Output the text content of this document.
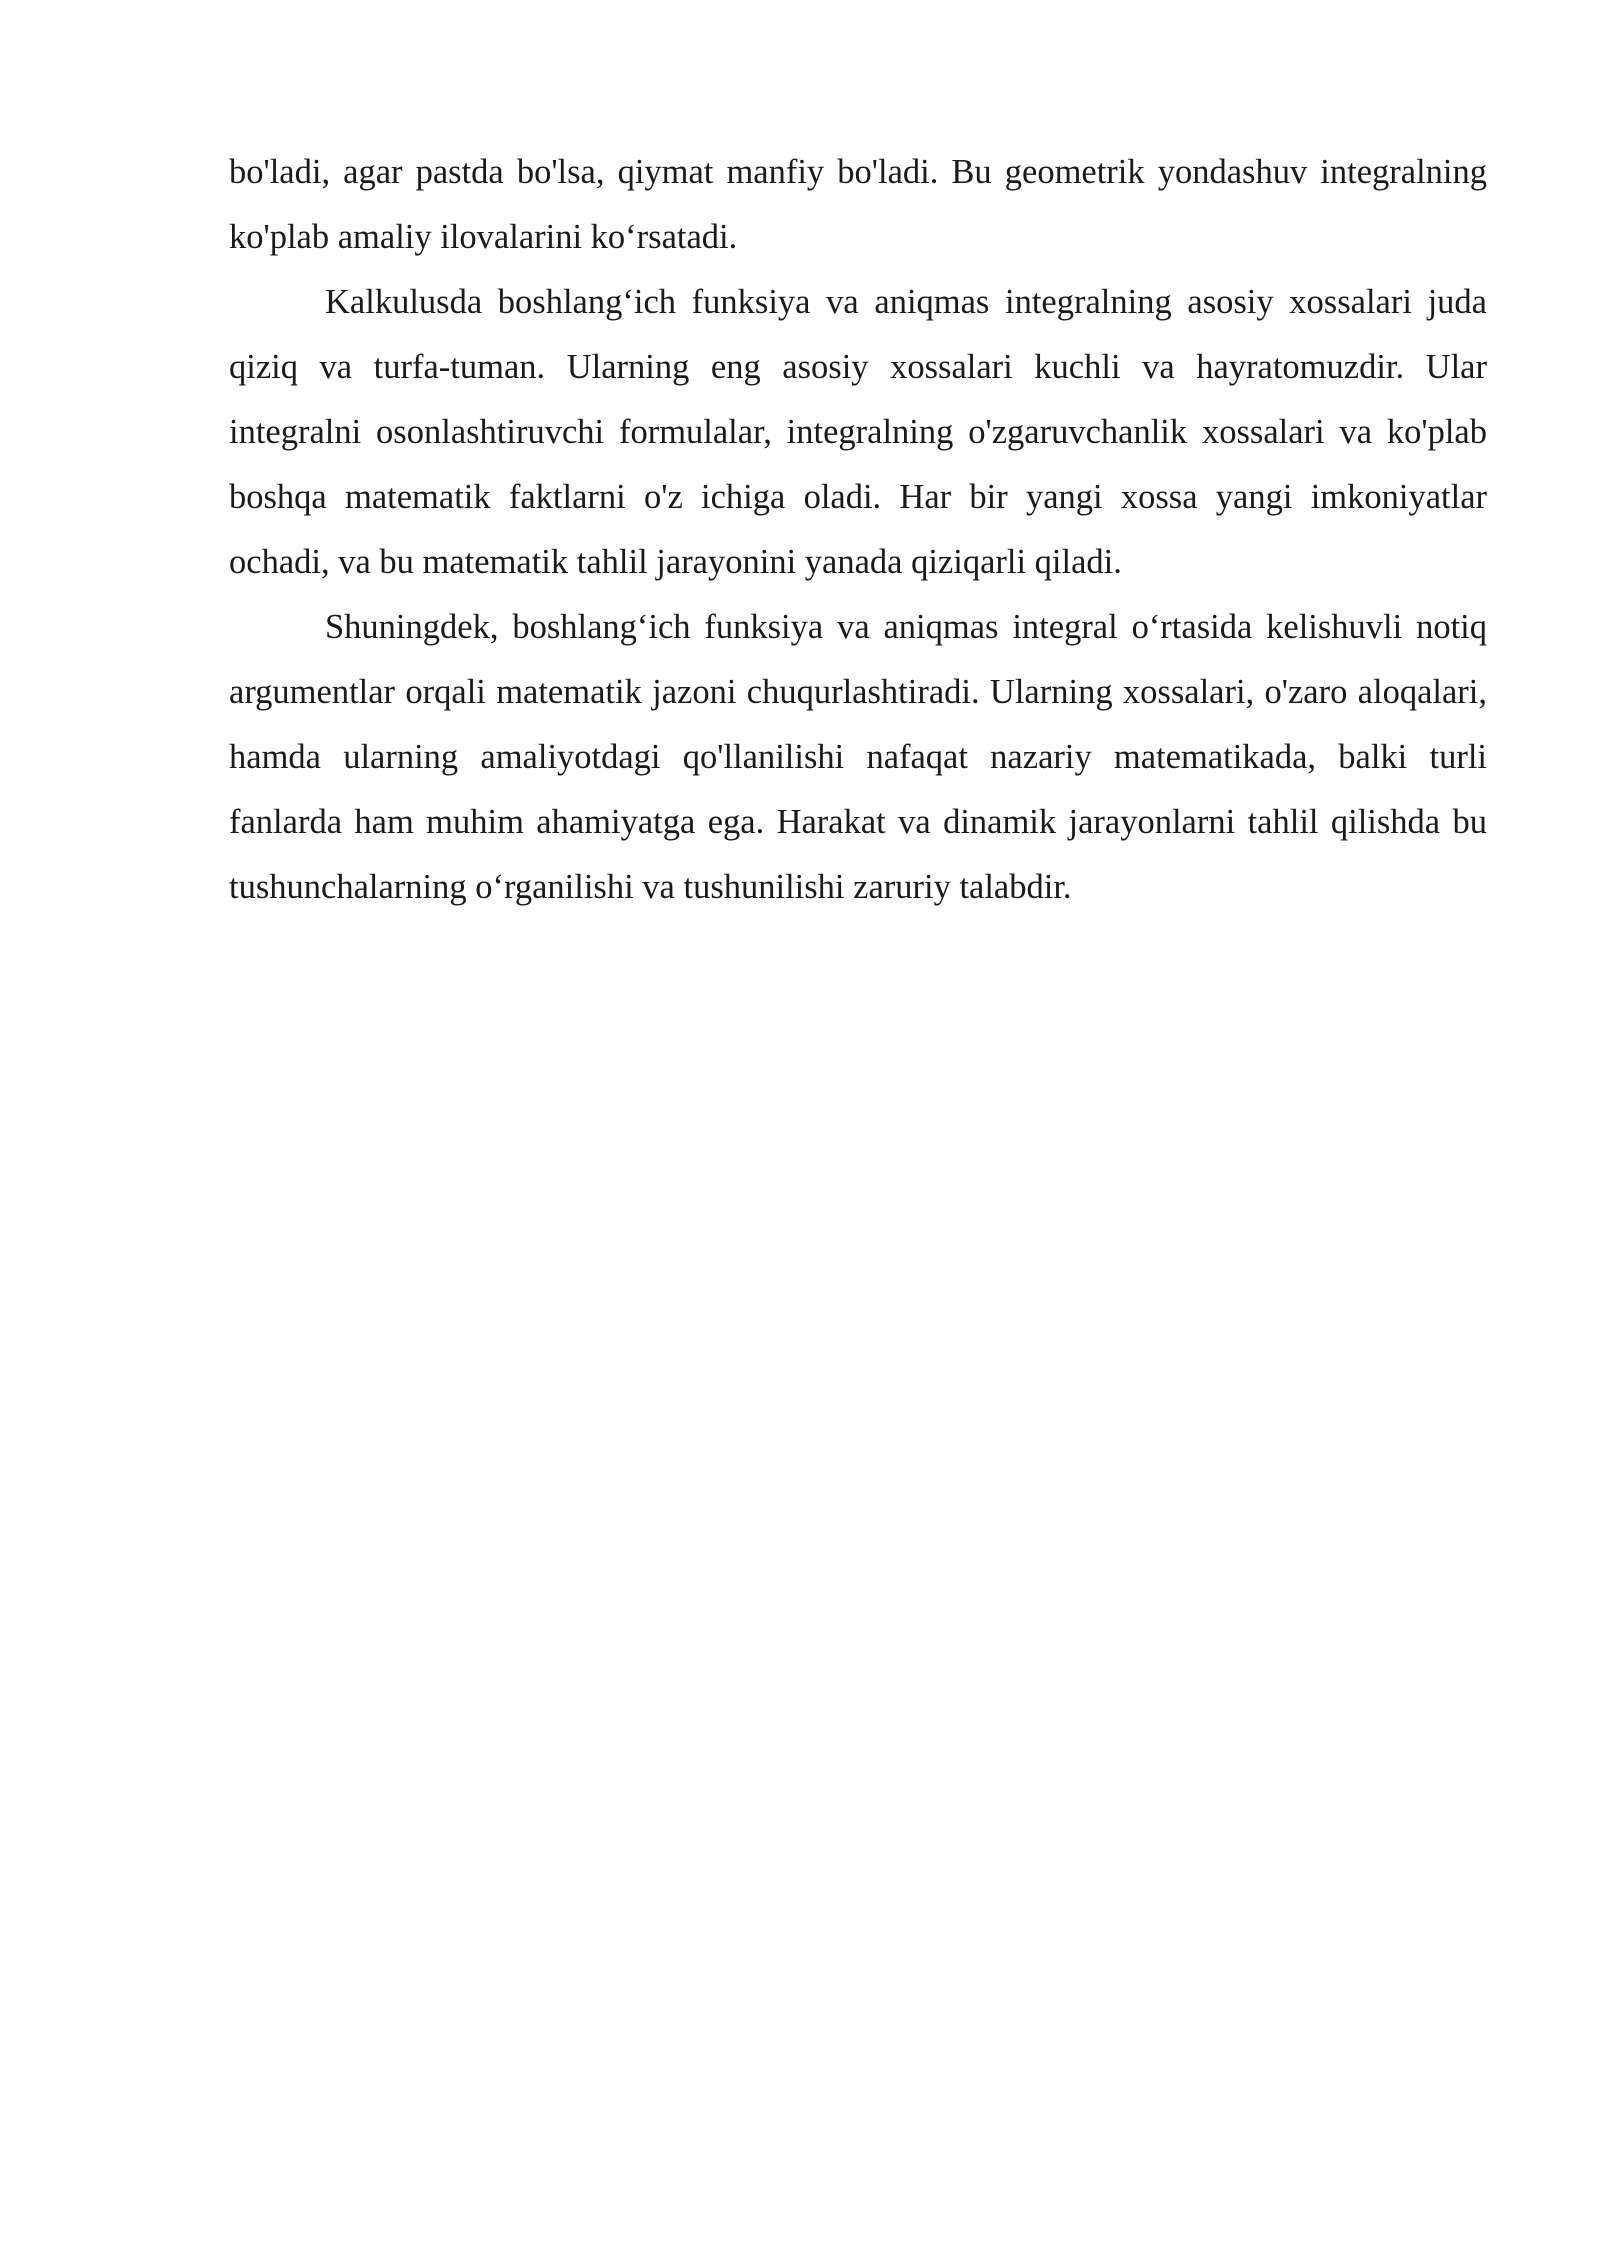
bo'ladi, agar pastda bo'lsa, qiymat manfiy bo'ladi. Bu geometrik yondashuv integralning ko'plab amaliy ilovalarini ko‘rsatadi.

Kalkulusda boshlang‘ich funksiya va aniqmas integralning asosiy xossalari juda qiziq va turfa-tuman. Ularning eng asosiy xossalari kuchli va hayratomuzdir. Ular integralni osonlashtiruvchi formulalar, integralning o'zgaruvchanlik xossalari va ko'plab boshqa matematik faktlarni o'z ichiga oladi. Har bir yangi xossa yangi imkoniyatlar ochadi, va bu matematik tahlil jarayonini yanada qiziqarli qiladi.

Shuningdek, boshlang‘ich funksiya va aniqmas integral o‘rtasida kelishuvli notiq argumentlar orqali matematik jazoni chuqurlashtiradi. Ularning xossalari, o'zaro aloqalari, hamda ularning amaliyotdagi qo'llanilishi nafaqat nazariy matematikada, balki turli fanlarda ham muhim ahamiyatga ega. Harakat va dinamik jarayonlarni tahlil qilishda bu tushunchalarning o‘rganilishi va tushunilishi zaruriy talabdir.
